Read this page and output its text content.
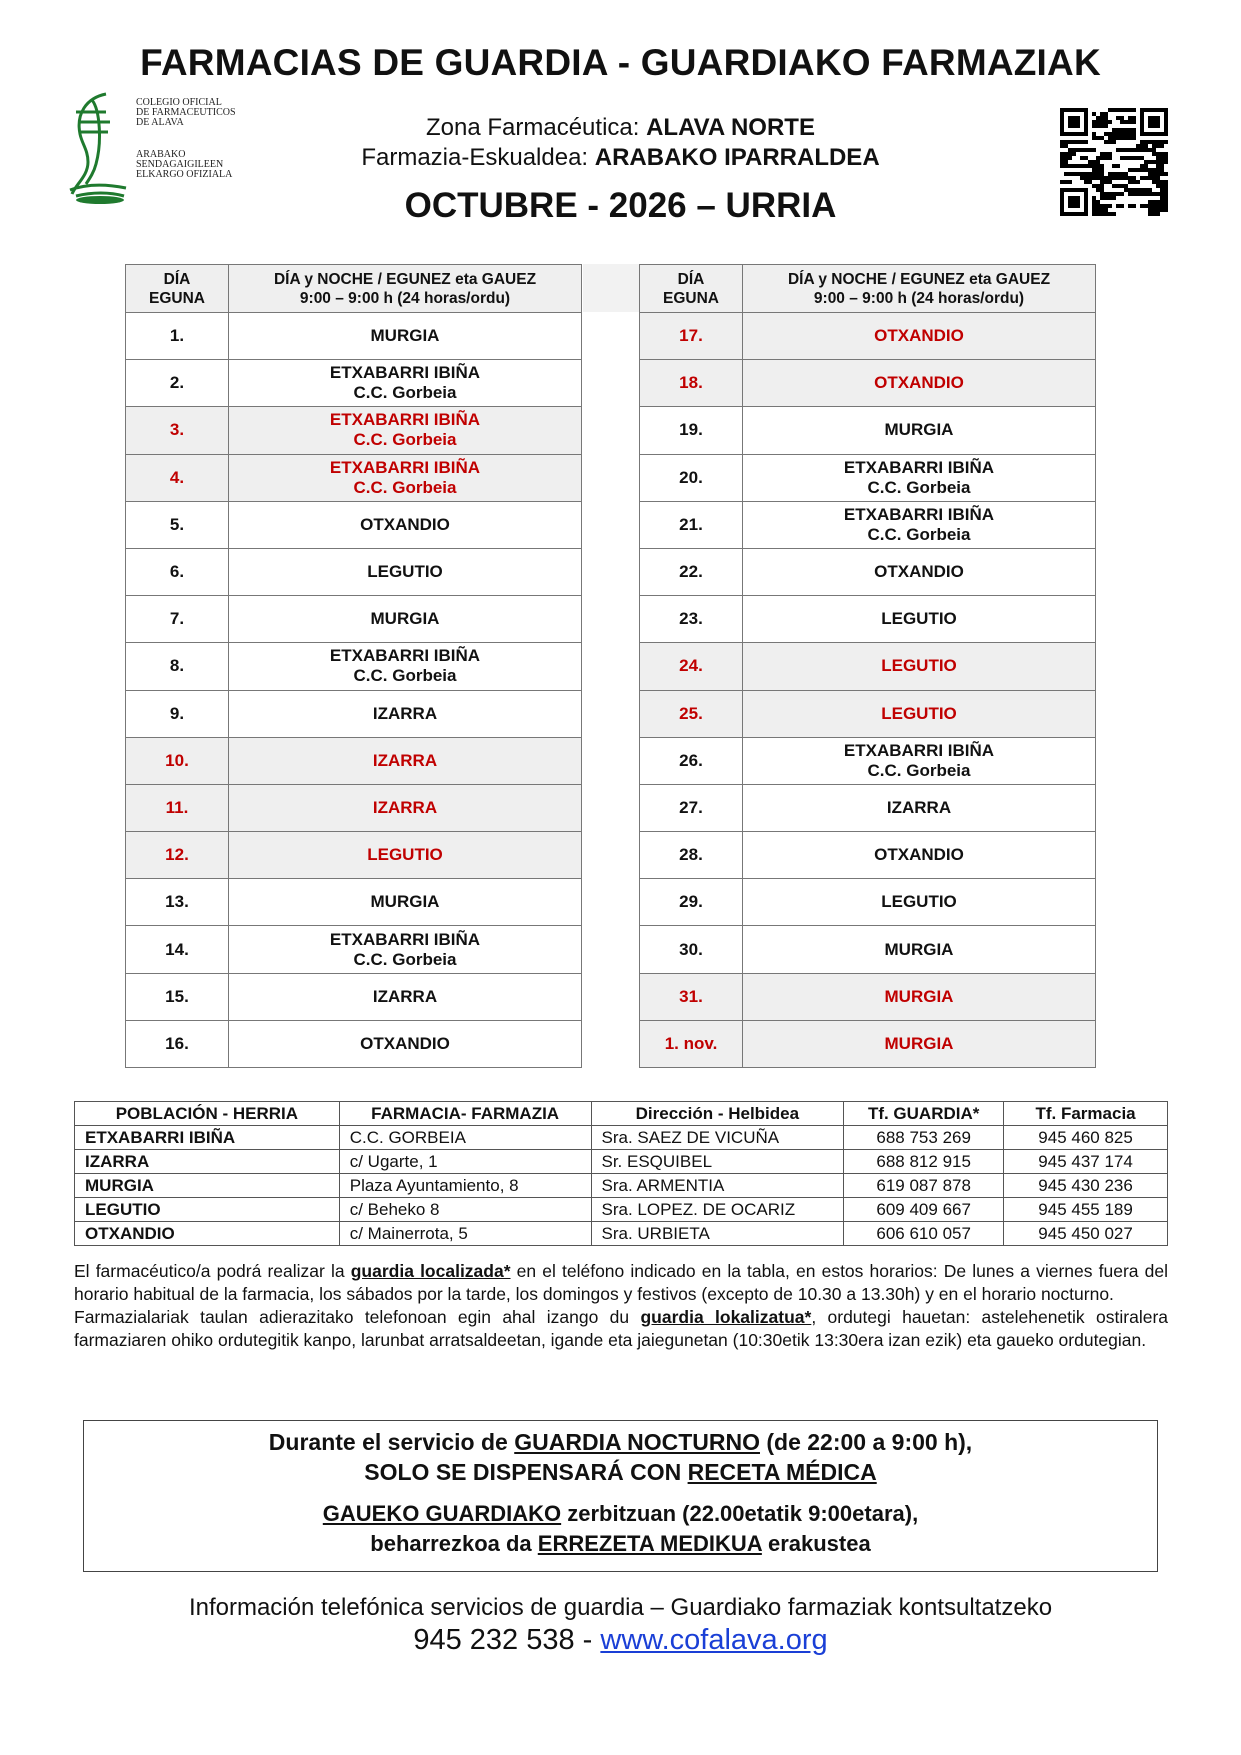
FARMACIAS DE GUARDIA - GUARDIAKO FARMAZIAK
COLEGIO OFICIAL
DE FARMACEUTICOS
DE ALAVA
ARABAKO
SENDAGAIGILEEN
ELKARGO OFIZIALA
Zona Farmacéutica: ALAVA NORTE
Farmazia-Eskualdea: ARABAKO IPARRALDEA
OCTUBRE - 2026 – URRIA
DÍA
EGUNA	DÍA y NOCHE / EGUNEZ eta GAUEZ
9:00 – 9:00 h (24 horas/ordu)
1.	MURGIA

2.	ETXABARRI IBIÑA
C.C. Gorbeia

3.	ETXABARRI IBIÑA
C.C. Gorbeia

4.	ETXABARRI IBIÑA
C.C. Gorbeia

5.	OTXANDIO

6.	LEGUTIO

7.	MURGIA

8.	ETXABARRI IBIÑA
C.C. Gorbeia

9.	IZARRA

10.	IZARRA

11.	IZARRA

12.	LEGUTIO

13.	MURGIA

14.	ETXABARRI IBIÑA
C.C. Gorbeia

15.	IZARRA

16.	OTXANDIO
DÍA
EGUNA	DÍA y NOCHE / EGUNEZ eta GAUEZ
9:00 – 9:00 h (24 horas/ordu)
17.	OTXANDIO

18.	OTXANDIO

19.	MURGIA

20.	ETXABARRI IBIÑA
C.C. Gorbeia

21.	ETXABARRI IBIÑA
C.C. Gorbeia

22.	OTXANDIO

23.	LEGUTIO

24.	LEGUTIO

25.	LEGUTIO

26.	ETXABARRI IBIÑA
C.C. Gorbeia

27.	IZARRA

28.	OTXANDIO

29.	LEGUTIO

30.	MURGIA

31.	MURGIA

1. nov.	MURGIA
POBLACIÓN - HERRIA	FARMACIA- FARMAZIA	Dirección - Helbidea	Tf. GUARDIA*	Tf. Farmacia
ETXABARRI IBIÑA	C.C. GORBEIA	Sra. SAEZ DE VICUÑA	688 753 269	945 460 825
IZARRA	c/ Ugarte, 1	Sr. ESQUIBEL	688 812 915	945 437 174
MURGIA	Plaza Ayuntamiento, 8	Sra. ARMENTIA	619 087 878	945 430 236
LEGUTIO	c/ Beheko 8	Sra. LOPEZ. DE OCARIZ	609 409 667	945 455 189
OTXANDIO	c/ Mainerrota, 5	Sra. URBIETA	606 610 057	945 450 027

El farmacéutico/a podrá realizar la guardia localizada* en el teléfono indicado en la tabla, en estos horarios: De lunes a viernes fuera del horario habitual de la farmacia, los sábados por la tarde, los domingos y festivos (excepto de 10.30 a 13.30h) y en el horario nocturno.

Farmazialariak taulan adierazitako telefonoan egin ahal izango du guardia lokalizatua*, ordutegi hauetan: astelehenetik ostiralera farmaziaren ohiko ordutegitik kanpo, larunbat arratsaldeetan, igande eta jaiegunetan (10:30etik 13:30era izan ezik) eta gaueko ordutegian.

Durante el servicio de GUARDIA NOCTURNO (de 22:00 a 9:00 h),
SOLO SE DISPENSARÁ CON RECETA MÉDICA
GAUEKO GUARDIAKO zerbitzuan (22.00etatik 9:00etara),
beharrezkoa da ERREZETA MEDIKUA erakustea
Información telefónica servicios de guardia – Guardiako farmaziak kontsultatzeko
945 232 538 - www.cofalava.org
